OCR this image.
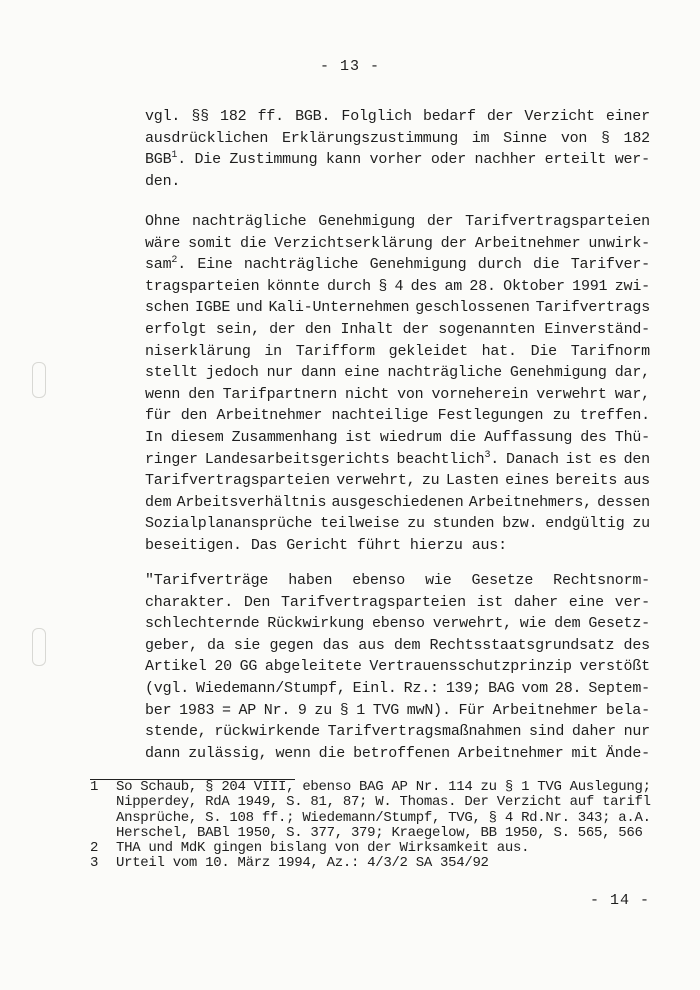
- 13 -
vgl. §§ 182 ff. BGB. Folglich bedarf der Verzicht einer
ausdrücklichen Erklärungszustimmung im Sinne von § 182
BGB$^1$. Die Zustimmung kann vorher oder nachher erteilt wer-
den.
Ohne nachträgliche Genehmigung der Tarifvertragsparteien
wäre somit die Verzichtserklärung der Arbeitnehmer unwirk-
sam$^2$. Eine nachträgliche Genehmigung durch die Tarifver-
tragsparteien könnte durch § 4 des am 28. Oktober 1991 zwi-
schen IGBE und Kali-Unternehmen geschlossenen Tarifvertrags
erfolgt sein, der den Inhalt der sogenannten Einverständ-
niserklärung in Tarifform gekleidet hat. Die Tarifnorm
stellt jedoch nur dann eine nachträgliche Genehmigung dar,
wenn den Tarifpartnern nicht von vorneherein verwehrt war,
für den Arbeitnehmer nachteilige Festlegungen zu treffen.
In diesem Zusammenhang ist wiedrum die Auffassung des Thü-
ringer Landesarbeitsgerichts beachtlich$^3$. Danach ist es den
Tarifvertragsparteien verwehrt, zu Lasten eines bereits aus
dem Arbeitsverhältnis ausgeschiedenen Arbeitnehmers, dessen
Sozialplanansprüche teilweise zu stunden bzw. endgültig zu
beseitigen. Das Gericht führt hierzu aus:
"Tarifverträge haben ebenso wie Gesetze Rechtsnorm-
charakter. Den Tarifvertragsparteien ist daher eine ver-
schlechternde Rückwirkung ebenso verwehrt, wie dem Gesetz-
geber, da sie gegen das aus dem Rechtsstaatsgrundsatz des
Artikel 20 GG abgeleitete Vertrauensschutzprinzip verstößt
(vgl. Wiedemann/Stumpf, Einl. Rz.: 139; BAG vom 28. Septem-
ber 1983 = AP Nr. 9 zu § 1 TVG mwN). Für Arbeitnehmer bela-
stende, rückwirkende Tarifvertragsmaßnahmen sind daher nur
dann zulässig, wenn die betroffenen Arbeitnehmer mit Ände-
1	So Schaub, § 204 VIII, ebenso BAG AP Nr. 114 zu § 1 TVG Auslegung;
Nipperdey, RdA 1949, S. 81, 87; W. Thomas. Der Verzicht auf tarifl
Ansprüche, S. 108 ff.; Wiedemann/Stumpf, TVG, § 4 Rd.Nr. 343; a.A.
Herschel, BABl 1950, S. 377, 379; Kraegelow, BB 1950, S. 565, 566
2	THA und MdK gingen bislang von der Wirksamkeit aus.
3	Urteil vom 10. März 1994, Az.: 4/3/2 SA 354/92
- 14 -
